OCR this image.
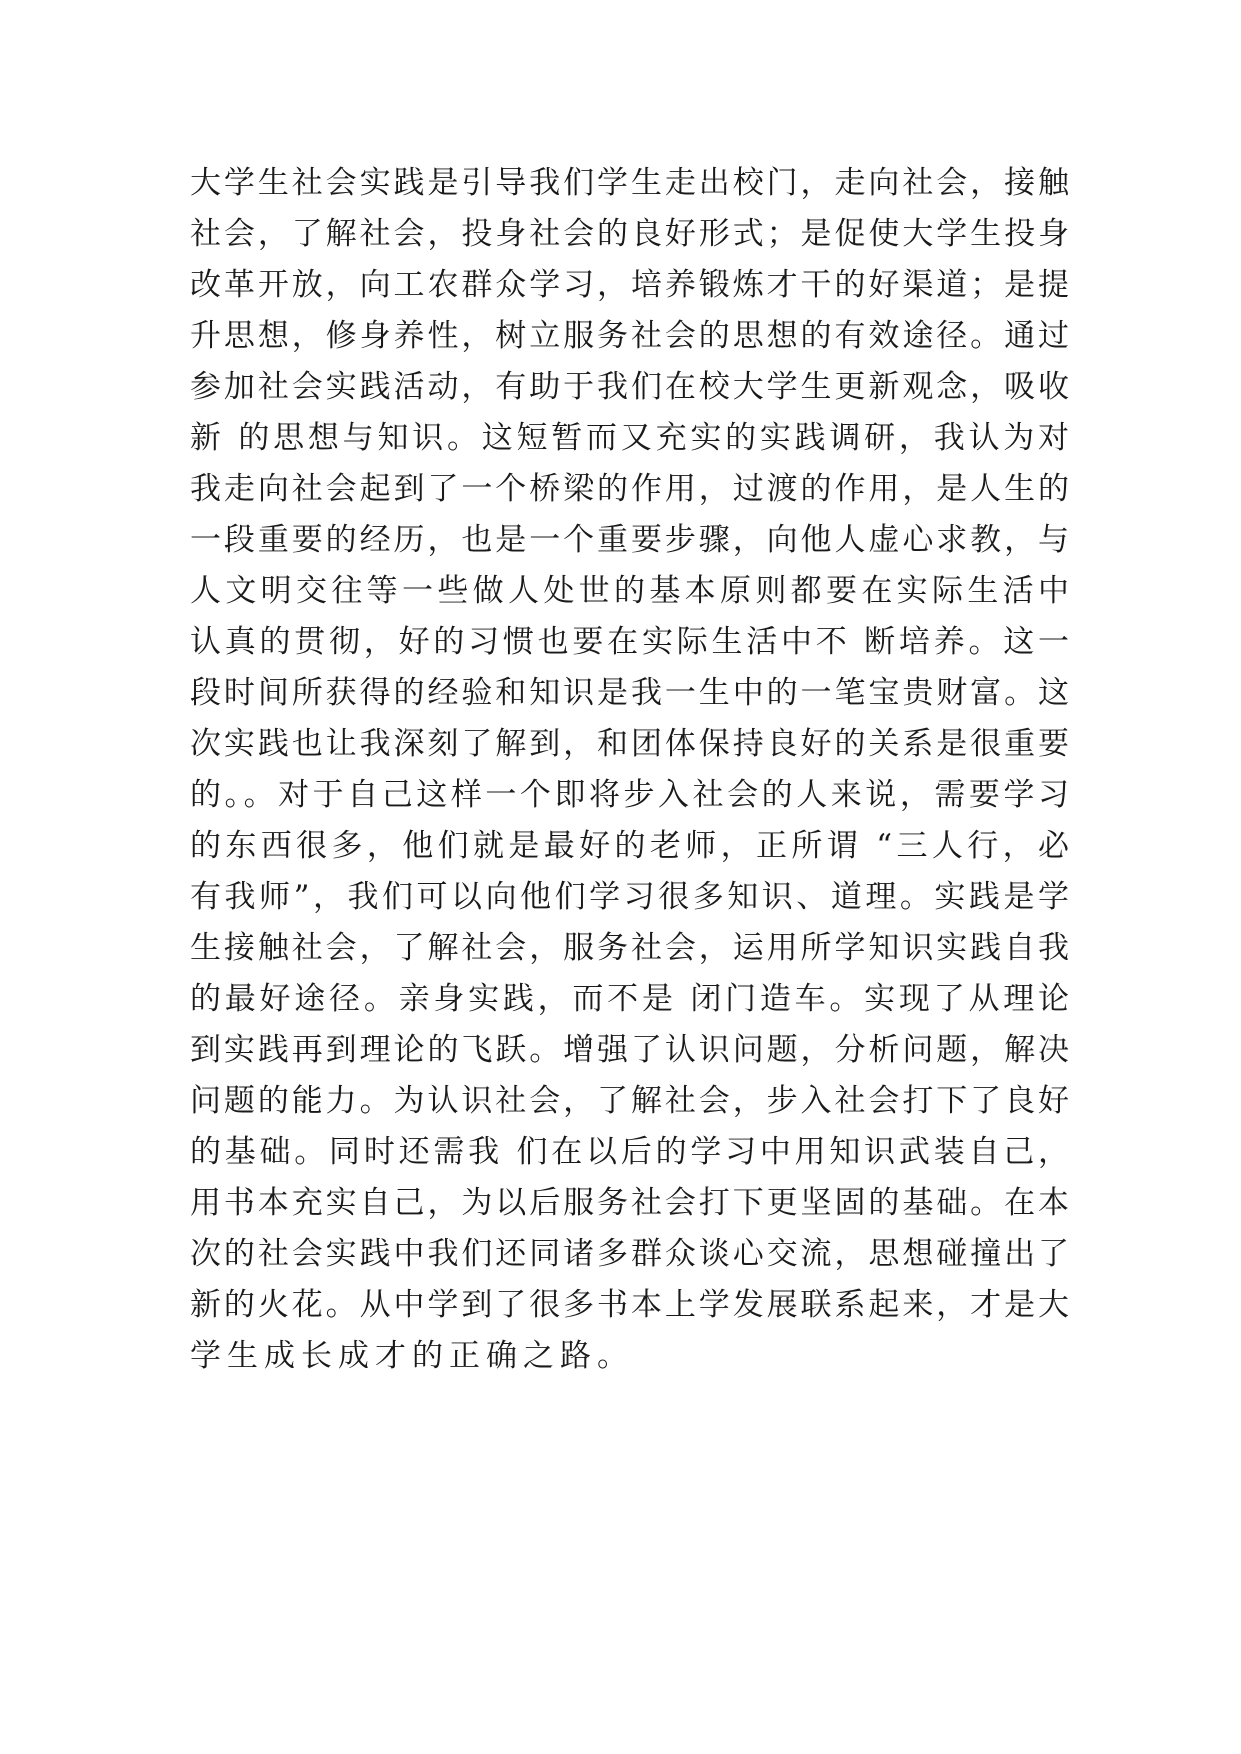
大学生社会实践是引导我们学生走出校门，走向社会，接触
社会，了解社会，投身社会的良好形式；是促使大学生投身
改革开放，向工农群众学习，培养锻炼才干的好渠道；是提
升思想，修身养性，树立服务社会的思想的有效途径。通过
参加社会实践活动，有助于我们在校大学生更新观念，吸收
新 的思想与知识。这短暂而又充实的实践调研，我认为对
我走向社会起到了一个桥梁的作用，过渡的作用，是人生的
一段重要的经历，也是一个重要步骤，向他人虚心求教，与
人文明交往等一些做人处世的基本原则都要在实际生活中
认真的贯彻，好的习惯也要在实际生活中不 断培养。这一
段时间所获得的经验和知识是我一生中的一笔宝贵财富。这
次实践也让我深刻了解到，和团体保持良好的关系是很重要
的。。对于自己这样一个即将步入社会的人来说，需要学习
的东西很多，他们就是最好的老师，正所谓 “三人行，必
有我师”，我们可以向他们学习很多知识、道理。实践是学
生接触社会，了解社会，服务社会，运用所学知识实践自我
的最好途径。亲身实践，而不是 闭门造车。实现了从理论
到实践再到理论的飞跃。增强了认识问题，分析问题，解决
问题的能力。为认识社会，了解社会，步入社会打下了良好
的基础。同时还需我 们在以后的学习中用知识武装自己，
用书本充实自己，为以后服务社会打下更坚固的基础。在本
次的社会实践中我们还同诸多群众谈心交流，思想碰撞出了
新的火花。从中学到了很多书本上学发展联系起来，才是大
学生成长成才的正确之路。
